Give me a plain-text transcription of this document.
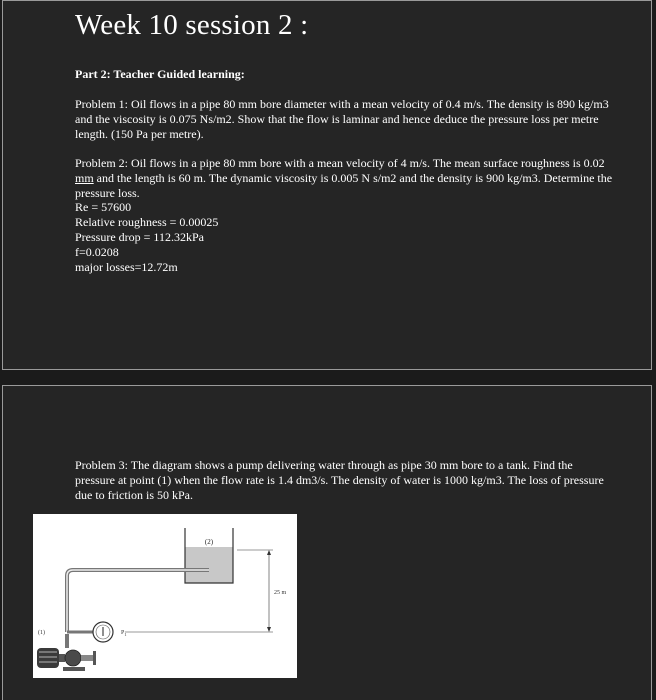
Week 10 session 2 :

Part 2: Teacher Guided learning:

Problem 1: Oil flows in a pipe 80 mm bore diameter with a mean velocity of 0.4 m/s. The density is 890 kg/m3 and the viscosity is 0.075 Ns/m2. Show that the flow is laminar and hence deduce the pressure loss per metre length. (150 Pa per metre).

Problem 2: Oil flows in a pipe 80 mm bore with a mean velocity of 4 m/s. The mean surface roughness is 0.02 mm and the length is 60 m. The dynamic viscosity is 0.005 N s/m2 and the density is 900 kg/m3. Determine the pressure loss.

Re = 57600

Relative roughness = 0.00025

Pressure drop = 112.32kPa

f=0.0208

major losses=12.72m

Problem 3: The diagram shows a pump delivering water through as pipe 30 mm bore to a tank. Find the pressure at point (1) when the flow rate is 1.4 dm3/s. The density of water is 1000 kg/m3. The loss of pressure due to friction is 50 kPa.

(2)
25 m
$P_1$
(1)
